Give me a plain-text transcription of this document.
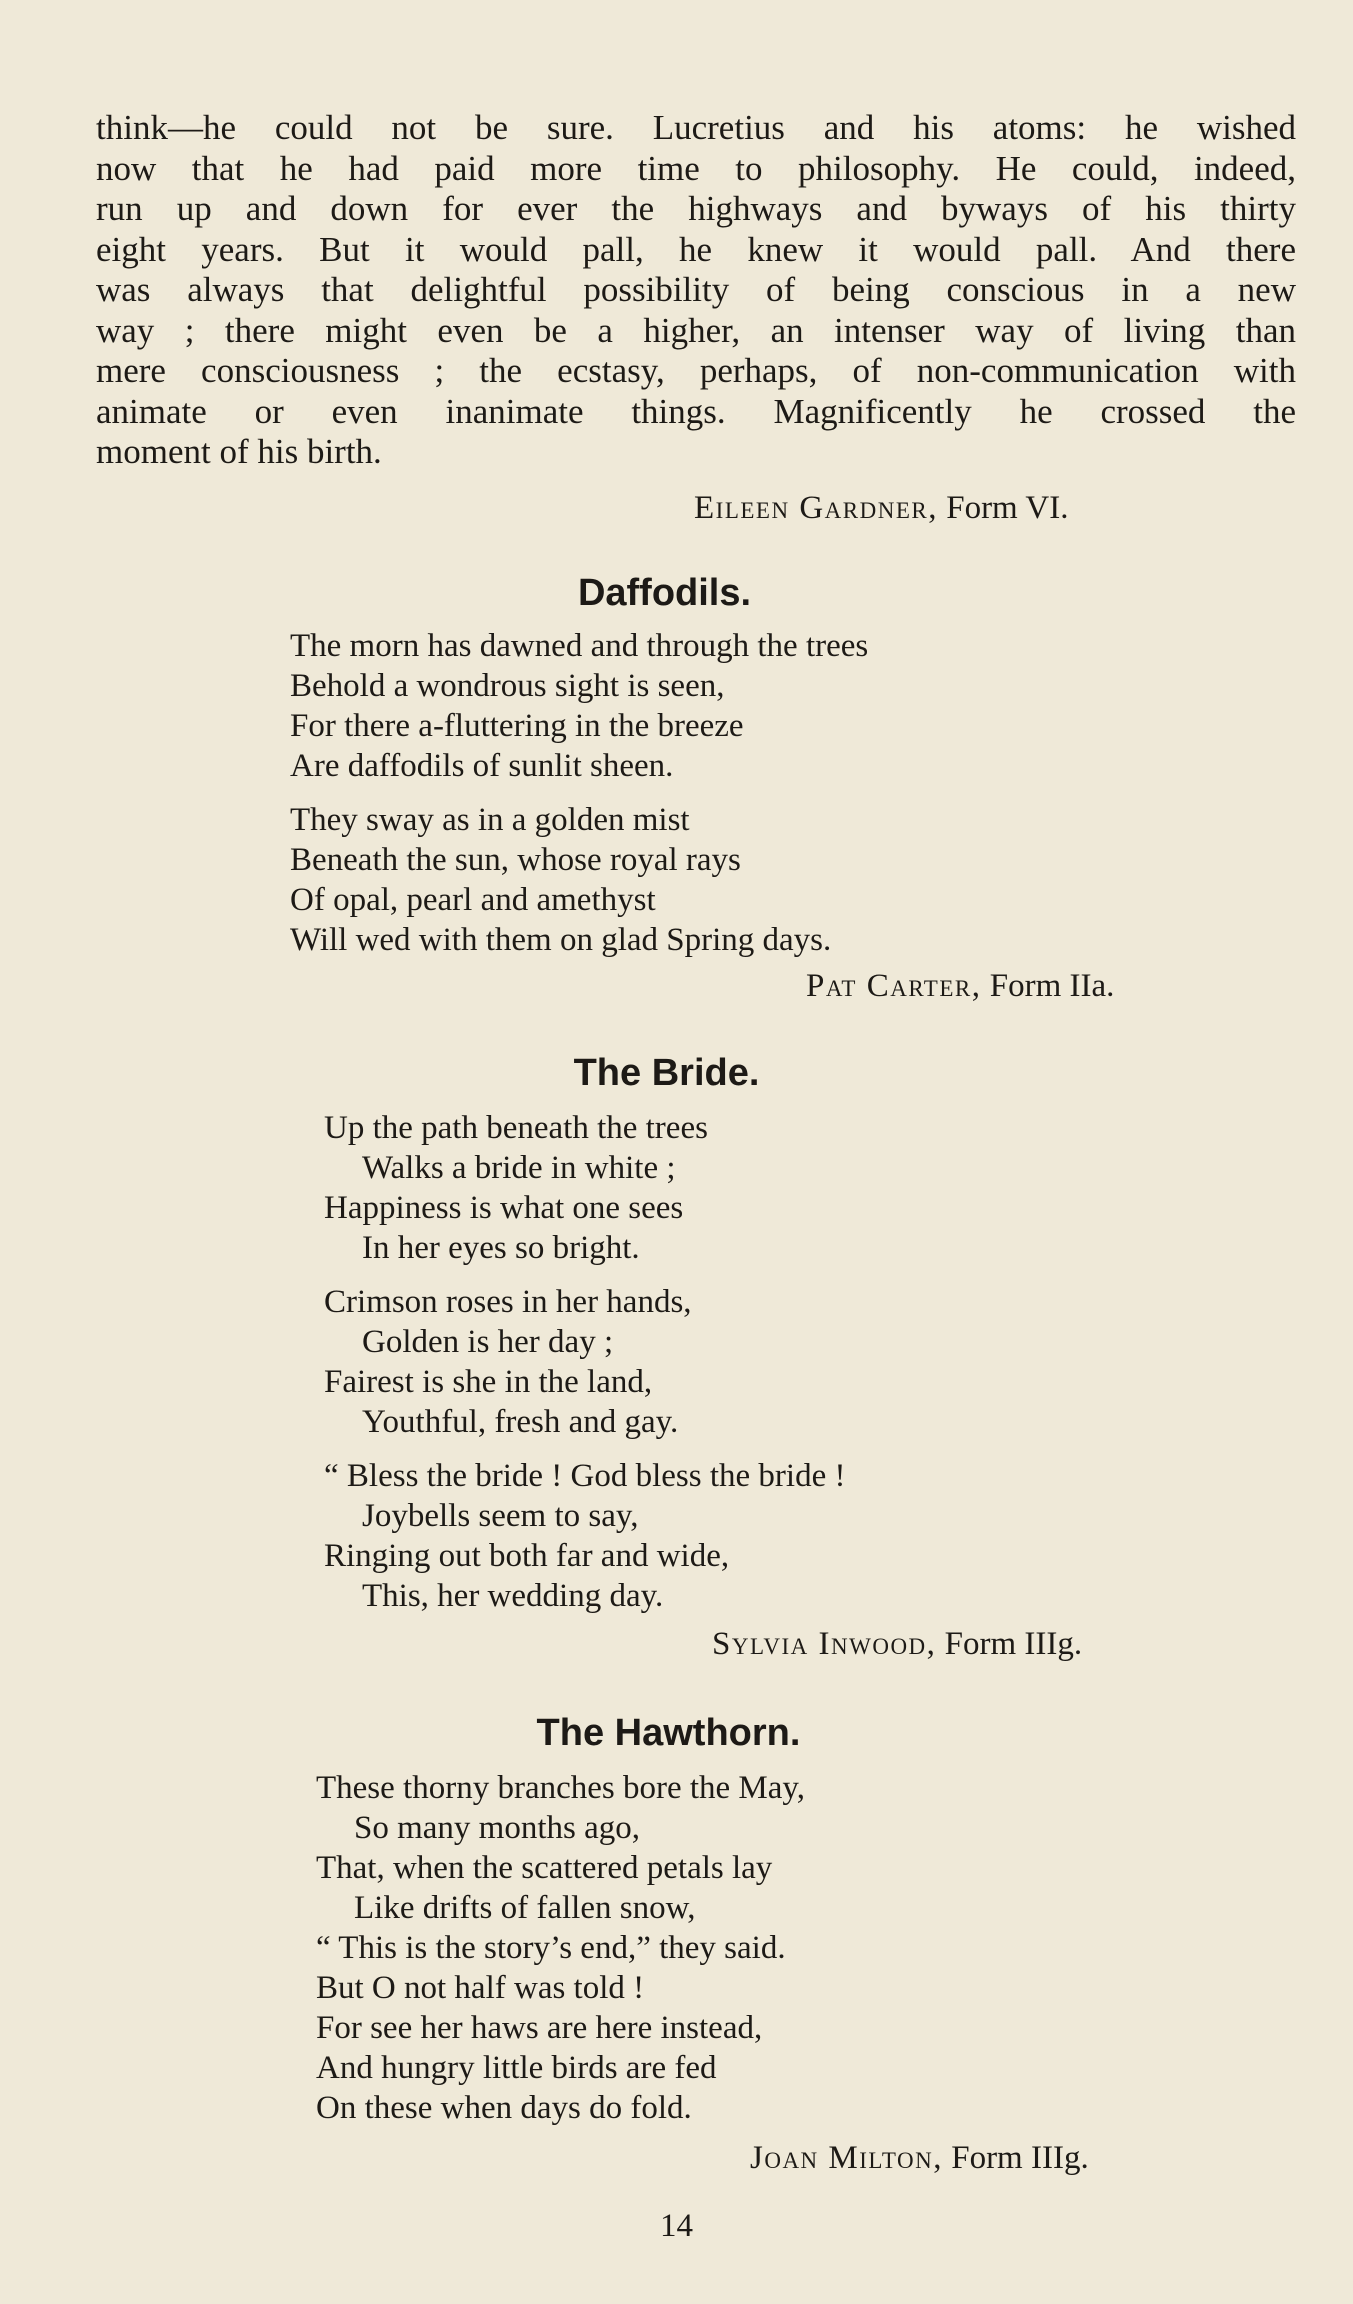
think—he could not be sure. Lucretius and his atoms: he wished
now that he had paid more time to philosophy. He could, indeed,
run up and down for ever the highways and byways of his thirty
eight years. But it would pall, he knew it would pall. And there
was always that delightful possibility of being conscious in a new
way ; there might even be a higher, an intenser way of living than
mere consciousness ; the ecstasy, perhaps, of non-communication with
animate or even inanimate things. Magnificently he crossed the
moment of his birth.
Eileen Gardner, Form VI.
Daffodils.
The morn has dawned and through the trees
Behold a wondrous sight is seen,
For there a-fluttering in the breeze
Are daffodils of sunlit sheen.
They sway as in a golden mist
Beneath the sun, whose royal rays
Of opal, pearl and amethyst
Will wed with them on glad Spring days.
Pat Carter, Form IIa.
The Bride.
Up the path beneath the trees
Walks a bride in white ;
Happiness is what one sees
In her eyes so bright.
Crimson roses in her hands,
Golden is her day ;
Fairest is she in the land,
Youthful, fresh and gay.
“ Bless the bride ! God bless the bride !
Joybells seem to say,
Ringing out both far and wide,
This, her wedding day.
Sylvia Inwood, Form IIIg.
The Hawthorn.
These thorny branches bore the May,
So many months ago,
That, when the scattered petals lay
Like drifts of fallen snow,
“ This is the story’s end,” they said.
But O not half was told !
For see her haws are here instead,
And hungry little birds are fed
On these when days do fold.
Joan Milton, Form IIIg.
14
